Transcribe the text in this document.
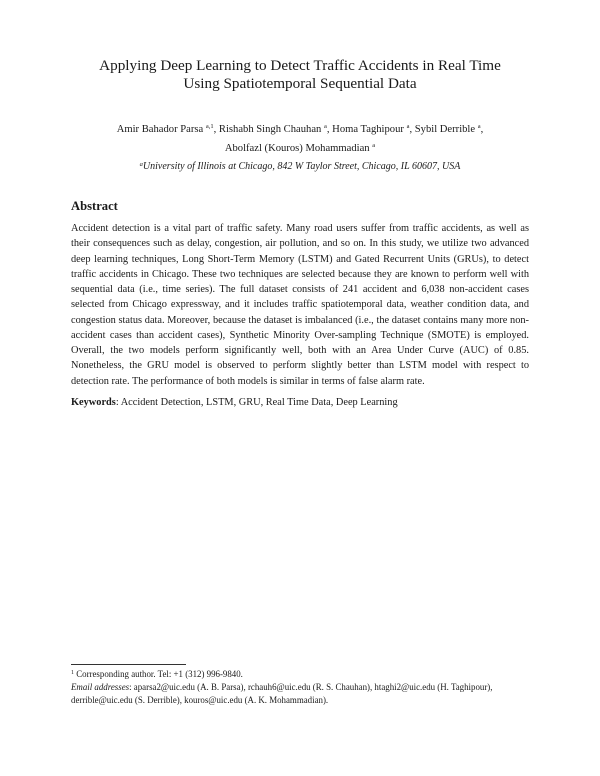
Applying Deep Learning to Detect Traffic Accidents in Real Time
Using Spatiotemporal Sequential Data
Amir Bahador Parsa $^{a,1}$, Rishabh Singh Chauhan $^a$, Homa Taghipour $^a$, Sybil Derrible $^a$,
Abolfazl (Kouros) Mohammadian $^a$
$^a$University of Illinois at Chicago, 842 W Taylor Street, Chicago, IL 60607, USA
Abstract
Accident detection is a vital part of traffic safety. Many road users suffer from traffic accidents, as well as their consequences such as delay, congestion, air pollution, and so on. In this study, we utilize two advanced deep learning techniques, Long Short-Term Memory (LSTM) and Gated Recurrent Units (GRUs), to detect traffic accidents in Chicago. These two techniques are selected because they are known to perform well with sequential data (i.e., time series). The full dataset consists of 241 accident and 6,038 non-accident cases selected from Chicago expressway, and it includes traffic spatiotemporal data, weather condition data, and congestion status data. Moreover, because the dataset is imbalanced (i.e., the dataset contains many more non-accident cases than accident cases), Synthetic Minority Over-sampling Technique (SMOTE) is employed. Overall, the two models perform significantly well, both with an Area Under Curve (AUC) of 0.85. Nonetheless, the GRU model is observed to perform slightly better than LSTM model with respect to detection rate. The performance of both models is similar in terms of false alarm rate.
Keywords: Accident Detection, LSTM, GRU, Real Time Data, Deep Learning
$^1$ Corresponding author. Tel: +1 (312) 996-9840.
Email addresses: aparsa2@uic.edu (A. B. Parsa), rchauh6@uic.edu (R. S. Chauhan), htaghi2@uic.edu (H. Taghipour), derrible@uic.edu (S. Derrible), kouros@uic.edu (A. K. Mohammadian).
